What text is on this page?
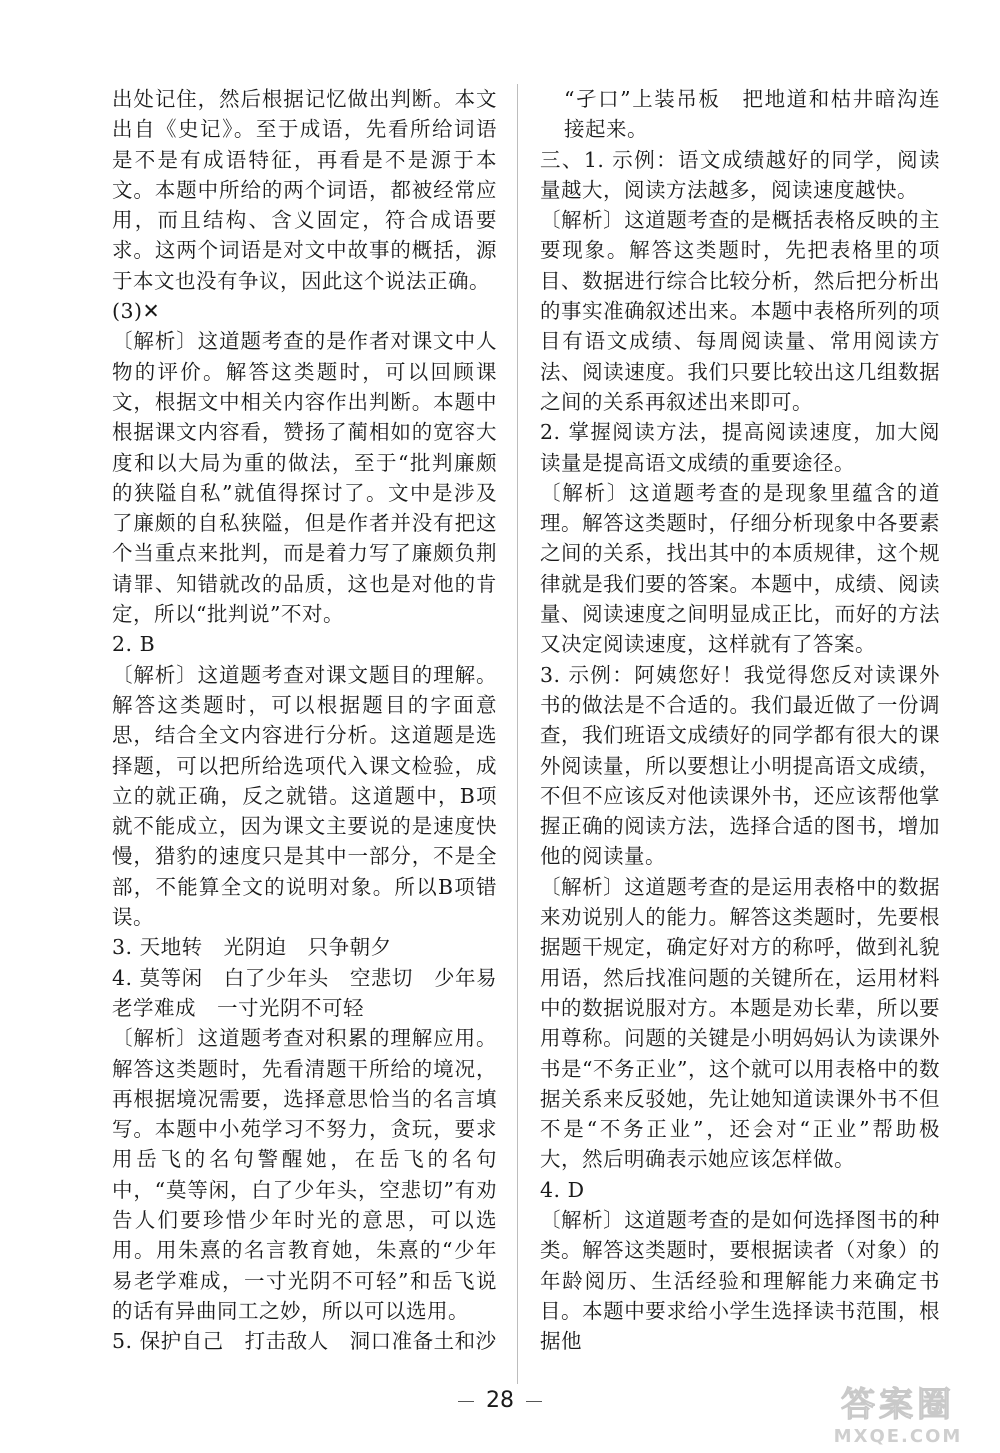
出处记住，然后根据记忆做出判断。本文出自《史记》。至于成语，先看所给词语是不是有成语特征，再看是不是源于本文。本题中所给的两个词语，都被经常应用，而且结构、含义固定，符合成语要求。这两个词语是对文中故事的概括，源于本文也没有争议，因此这个说法正确。

(3)✕

〔解析〕这道题考查的是作者对课文中人物的评价。解答这类题时，可以回顾课文，根据文中相关内容作出判断。本题中根据课文内容看，赞扬了蔺相如的宽容大度和以大局为重的做法，至于“批判廉颇的狭隘自私”就值得探讨了。文中是涉及了廉颇的自私狭隘，但是作者并没有把这个当重点来批判，而是着力写了廉颇负荆请罪、知错就改的品质，这也是对他的肯定，所以“批判说”不对。

2. B

〔解析〕这道题考查对课文题目的理解。解答这类题时，可以根据题目的字面意思，结合全文内容进行分析。这道题是选择题，可以把所给选项代入课文检验，成立的就正确，反之就错。这道题中，B项就不能成立，因为课文主要说的是速度快慢，猎豹的速度只是其中一部分，不是全部，不能算全文的说明对象。所以B项错误。

3. 天地转　光阴迫　只争朝夕

4. 莫等闲　白了少年头　空悲切　少年易老学难成　一寸光阴不可轻

〔解析〕这道题考查对积累的理解应用。解答这类题时，先看清题干所给的境况，再根据境况需要，选择意思恰当的名言填写。本题中小苑学习不努力，贪玩，要求用岳飞的名句警醒她，在岳飞的名句中，“莫等闲，白了少年头，空悲切”有劝告人们要珍惜少年时光的意思，可以选用。用朱熹的名言教育她，朱熹的“少年易老学难成，一寸光阴不可轻”和岳飞说的话有异曲同工之妙，所以可以选用。

5. 保护自己　打击敌人　洞口准备土和沙

“孑口”上装吊板　把地道和枯井暗沟连接起来。

三、1. 示例：语文成绩越好的同学，阅读量越大，阅读方法越多，阅读速度越快。

〔解析〕这道题考查的是概括表格反映的主要现象。解答这类题时，先把表格里的项目、数据进行综合比较分析，然后把分析出的事实准确叙述出来。本题中表格所列的项目有语文成绩、每周阅读量、常用阅读方法、阅读速度。我们只要比较出这几组数据之间的关系再叙述出来即可。

2. 掌握阅读方法，提高阅读速度，加大阅读量是提高语文成绩的重要途径。

〔解析〕这道题考查的是现象里蕴含的道理。解答这类题时，仔细分析现象中各要素之间的关系，找出其中的本质规律，这个规律就是我们要的答案。本题中，成绩、阅读量、阅读速度之间明显成正比，而好的方法又决定阅读速度，这样就有了答案。

3. 示例：阿姨您好！我觉得您反对读课外书的做法是不合适的。我们最近做了一份调查，我们班语文成绩好的同学都有很大的课外阅读量，所以要想让小明提高语文成绩，不但不应该反对他读课外书，还应该帮他掌握正确的阅读方法，选择合适的图书，增加他的阅读量。

〔解析〕这道题考查的是运用表格中的数据来劝说别人的能力。解答这类题时，先要根据题干规定，确定好对方的称呼，做到礼貌用语，然后找准问题的关键所在，运用材料中的数据说服对方。本题是劝长辈，所以要用尊称。问题的关键是小明妈妈认为读课外书是“不务正业”，这个就可以用表格中的数据关系来反驳她，先让她知道读课外书不但不是“不务正业”，还会对“正业”帮助极大，然后明确表示她应该怎样做。

4. D

〔解析〕这道题考查的是如何选择图书的种类。解答这类题时，要根据读者（对象）的年龄阅历、生活经验和理解能力来确定书目。本题中要求给小学生选择读书范围，根据他

28	答案圈
MXQE.COM
